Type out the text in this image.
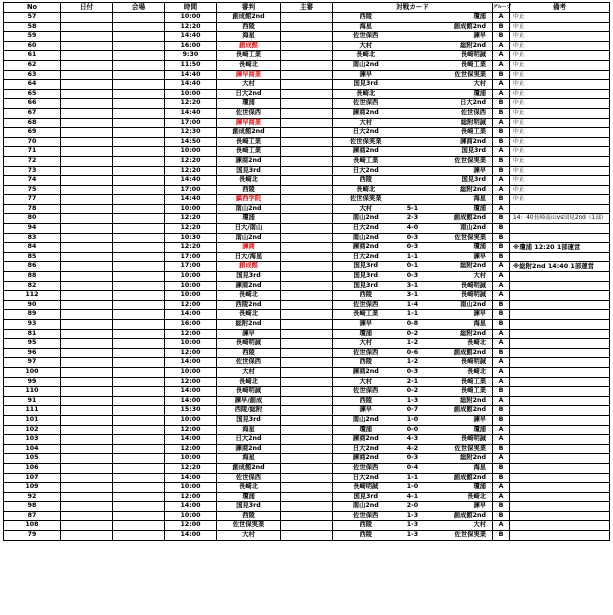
No	日付	会場	時間	審判	主審	対戦カード			グループ	備考
57			10:00	創成館2nd		西陵		瓊浦	A	中止
58			12:20	西陵		海星		創成館2nd	B	中止
59			14:40	海星		佐世保西		諫早	B	中止
60			16:00	創成館		大村		総附2nd	A	中止
61			9:30	長崎工業		長崎北		長崎明誠	A	中止
62			11:50	長崎北		南山2nd		長崎工業	A	中止
63			14:40	諫早商業		諫早		佐世保実業	B	中止
64			14:40	大村		国見3rd		大村	A	中止
65			10:00	日大2nd		長崎北		瓊浦	A	中止
66			12:20	瓊浦		佐世保西		日大2nd	B	中止
67			14:40	佐世保西		諫商2nd		佐世保西	B	中止
68			17:00	諫早商業		大村		総附明誠	A	中止
69			12:30	創成館2nd		日大2nd		長崎工業	B	中止
70			14:50	長崎工業		佐世保実業		諫商2nd	B	中止
71			10:00	長崎工業		諫商2nd		国見3rd	A	中止
72			12:20	諫商2nd		長崎工業		佐世保実業	B	中止
73			12:20	国見3rd		日大2nd		諫早	B	中止
74			14:40	長崎北		西陵		国見3rd	A	中止
75			17:00	西陵		長崎北		総附2nd	A	中止
77			14:40	鎮西学院		佐世保実業		海星	B	中止
78			10:00	南山2nd		大村	5-1	瓊浦	A	
80			12:20	瓊浦		南山2nd	2-3	創成館2nd	B	14：40長崎南山vs国見2nd（1部）
94			12:20	日大/南山		日大2nd	4-0	南山2nd	B	
83			10:30	南山2nd		南山2nd	0-3	佐世保実業	B	
84			12:20	諫商		諫商2nd	0-3	瓊浦	B	※瓊浦 12:20 1部運営
85			17:00	日大/海星		日大2nd	1-1	諫早	B	
86			17:00	創成館		国見3rd	0-1	総附2nd	A	※総附2nd 14:40 1部運営
88			10:00	国見3rd		国見3rd	0-3	大村	A	
82			10:00	諫商2nd		国見3rd	3-1	長崎明誠	A	
112			10:00	長崎北		西陵	3-1	長崎明誠	A	
90			12:00	西陵2nd		佐世保西	1-4	南山2nd	B	
89			14:00	長崎北		長崎工業	1-1	諫早	B	
93			16:00	総附2nd		諫早	0-8	海星	B	
81			12:00	諫早		瓊浦	0-2	総附2nd	A	
95			10:00	長崎明誠		大村	1-2	長崎北	A	
96			12:00	西陵		佐世保西	0-6	創成館2nd	B	
97			14:00	佐世保西		西陵	1-2	長崎明誠	A	
100			10:00	大村		諫商2nd	0-3	長崎北	A	
99			12:00	長崎北		大村	2-1	長崎工業	A	
110			14:00	長崎明誠		佐世保西	0-2	長崎工業	B	
91			14:00	諫早/創成		西陵	1-3	総附2nd	A	
111			15:30	西陵/総附		諫早	0-7	創成館2nd	B	
101			10:00	国見3rd		南山2nd	1-0	諫早	B	
102			12:00	海星		瓊浦	0-0	瓊浦	A	
103			14:00	日大2nd		諫商2nd	4-3	長崎明誠	A	
104			12:00	諫商2nd		日大2nd	4-2	佐世保実業	B	
105			10:00	海星		諫商2nd	0-3	総附2nd	A	
106			12:20	創成館2nd		佐世保西	0-4	海星	B	
107			14:00	佐世保西		日大2nd	1-1	創成館2nd	B	
109			10:00	長崎北		長崎明誠	1-0	瓊浦	A	
92			12:00	瓊浦		国見3rd	4-1	長崎北	A	
98			14:00	国見3rd		南山2nd	2-0	諫早	B	
87			10:00	西陵		佐世保西	1-3	創成館2nd	B	
108			12:00	佐世保実業		西陵	1-3	大村	A	
79			14:00	大村		西陵	1-3	佐世保実業	B	
